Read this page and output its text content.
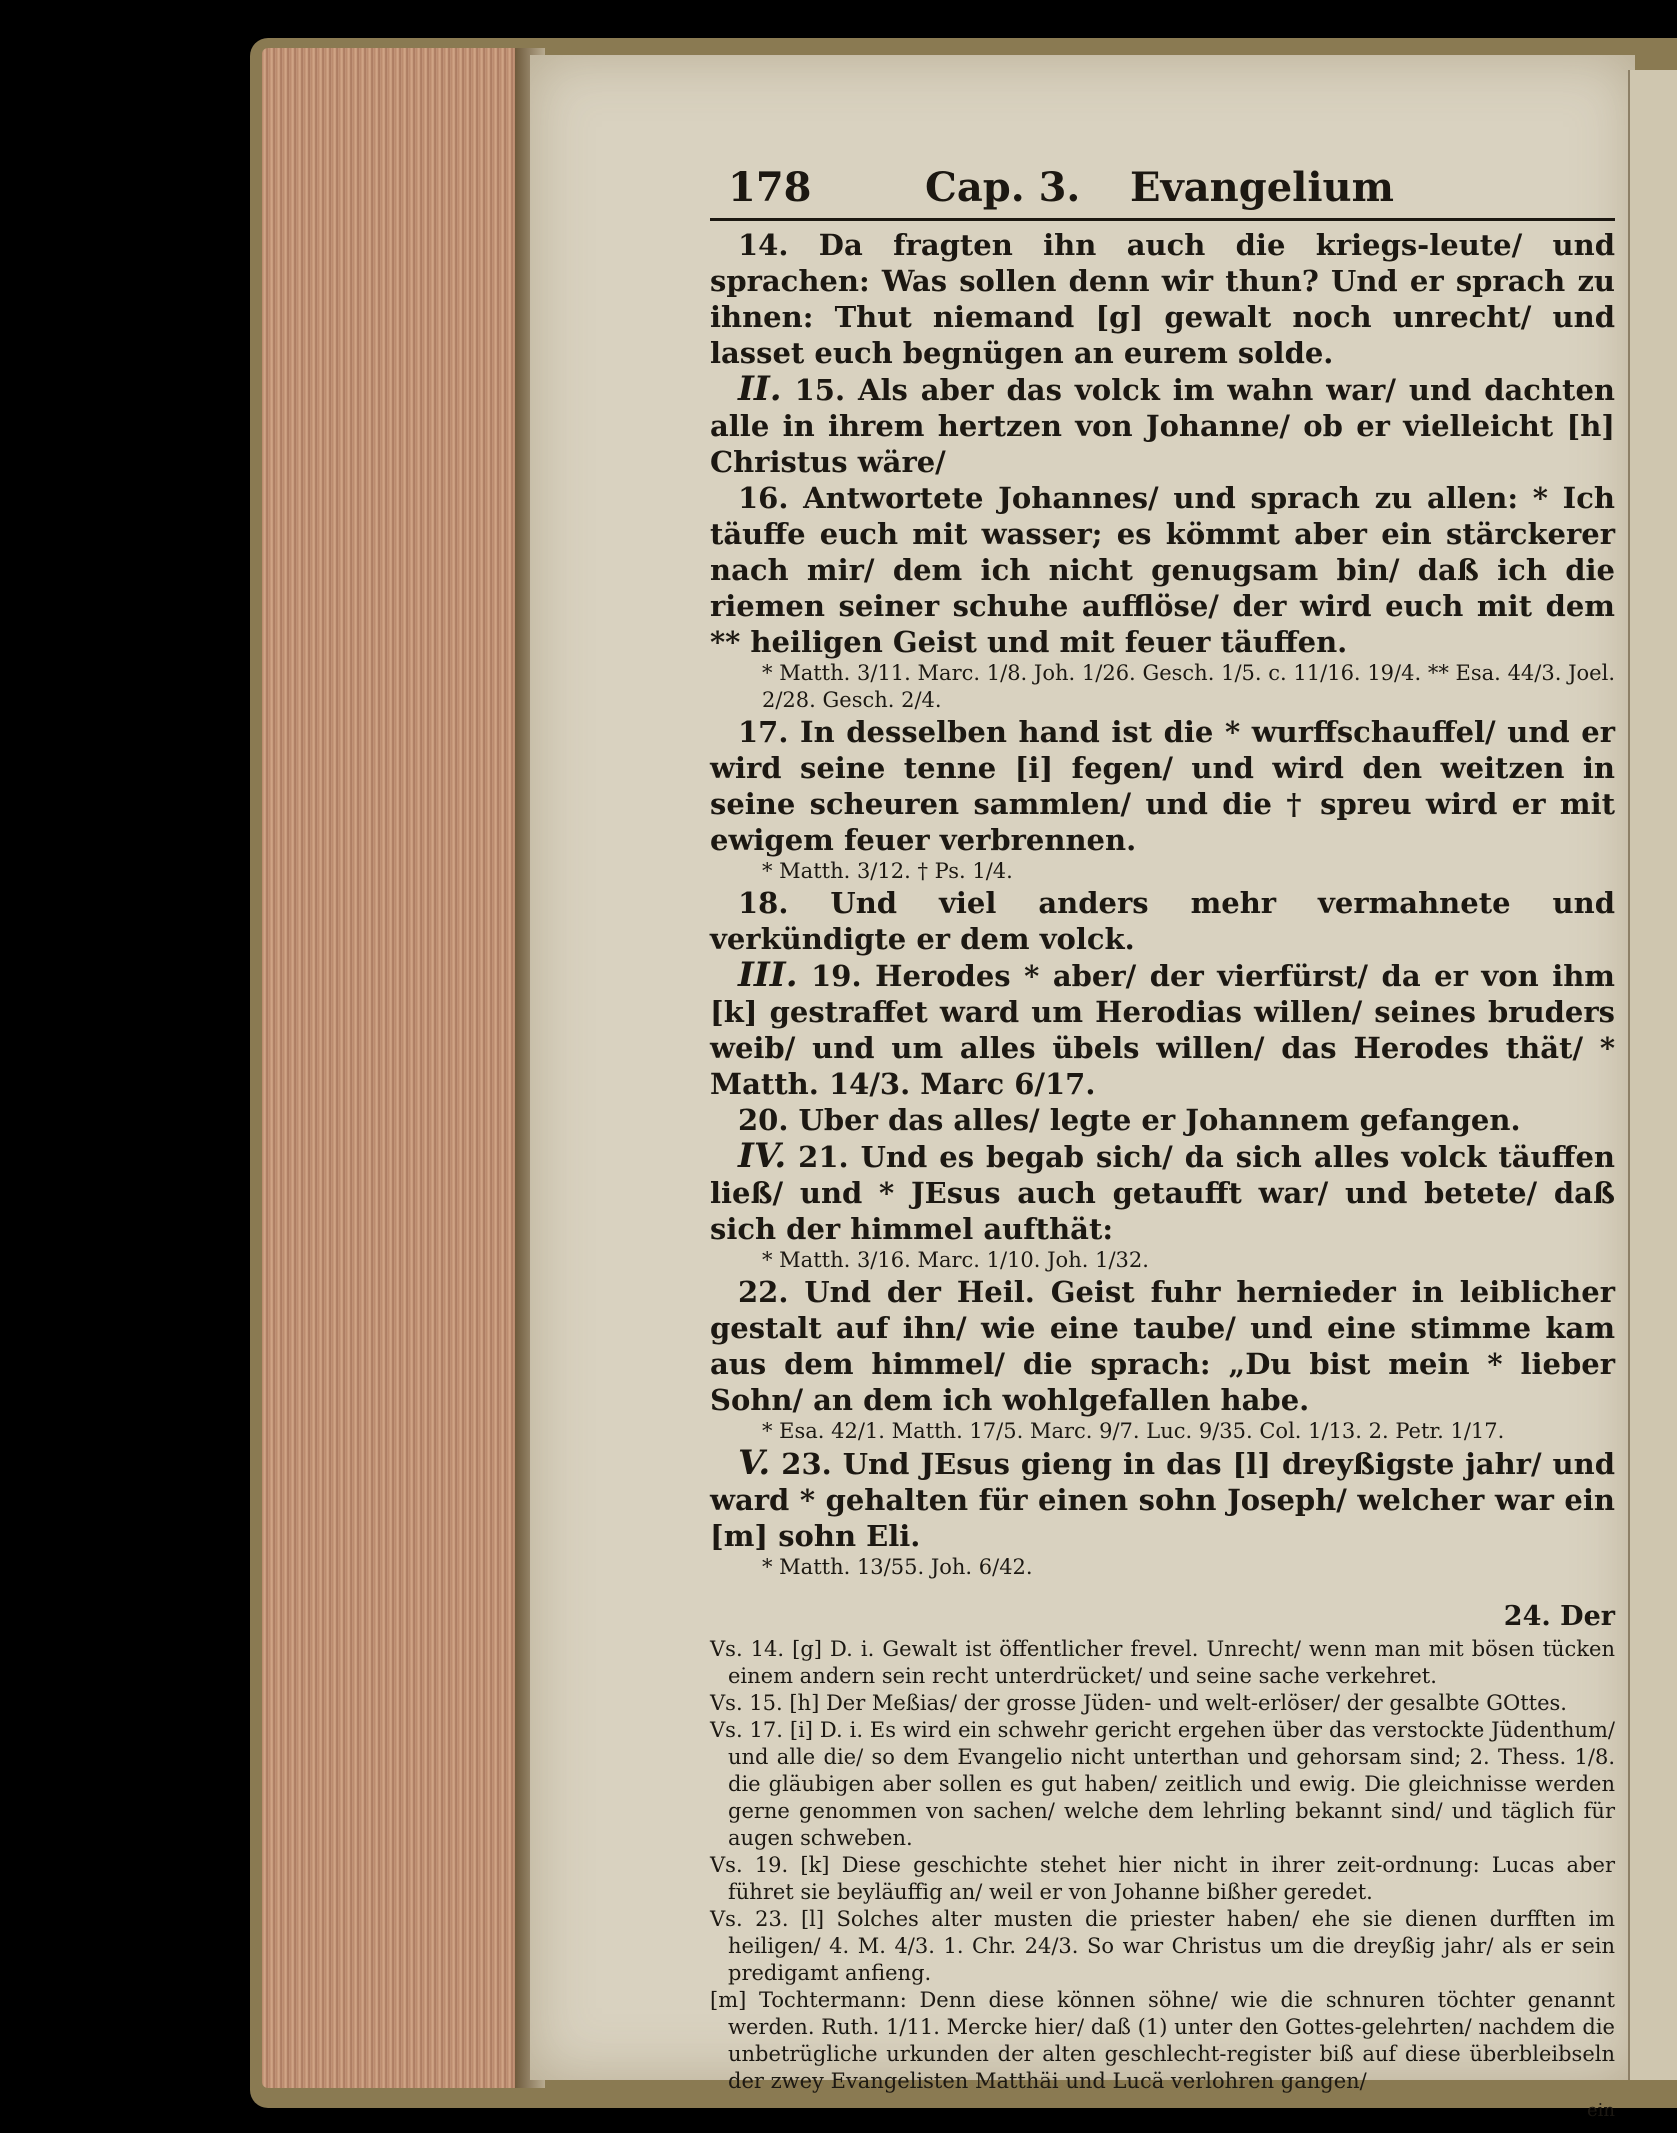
178	Cap. 3. Evangelium

14. Da fragten ihn auch die kriegs-leute/ und sprachen: Was sollen denn wir thun? Und er sprach zu ihnen: Thut niemand [g] gewalt noch unrecht/ und lasset euch begnügen an eurem solde.

II. 15. Als aber das volck im wahn war/ und dachten alle in ihrem hertzen von Johanne/ ob er vielleicht [h] Christus wäre/

16. Antwortete Johannes/ und sprach zu allen: * Ich täuffe euch mit wasser; es kömmt aber ein stärckerer nach mir/ dem ich nicht genugsam bin/ daß ich die riemen seiner schuhe aufflöse/ der wird euch mit dem ** heiligen Geist und mit feuer täuffen.

* Matth. 3/11. Marc. 1/8. Joh. 1/26. Gesch. 1/5. c. 11/16. 19/4. ** Esa. 44/3. Joel. 2/28. Gesch. 2/4.

17. In desselben hand ist die * wurffschauffel/ und er wird seine tenne [i] fegen/ und wird den weitzen in seine scheuren sammlen/ und die † spreu wird er mit ewigem feuer verbrennen.

* Matth. 3/12. † Ps. 1/4.

18. Und viel anders mehr vermahnete und verkündigte er dem volck.

III. 19. Herodes * aber/ der vierfürst/ da er von ihm [k] gestraffet ward um Herodias willen/ seines bruders weib/ und um alles übels willen/ das Herodes thät/ * Matth. 14/3. Marc 6/17.

20. Uber das alles/ legte er Johannem gefangen.

IV. 21. Und es begab sich/ da sich alles volck täuffen ließ/ und * JEsus auch getaufft war/ und betete/ daß sich der himmel aufthät:

* Matth. 3/16. Marc. 1/10. Joh. 1/32.

22. Und der Heil. Geist fuhr hernieder in leiblicher gestalt auf ihn/ wie eine taube/ und eine stimme kam aus dem himmel/ die sprach: „Du bist mein * lieber Sohn/ an dem ich wohlgefallen habe.

* Esa. 42/1. Matth. 17/5. Marc. 9/7. Luc. 9/35. Col. 1/13. 2. Petr. 1/17.

V. 23. Und JEsus gieng in das [l] dreyßigste jahr/ und ward * gehalten für einen sohn Joseph/ welcher war ein [m] sohn Eli.

* Matth. 13/55. Joh. 6/42.

24. Der

Vs. 14. [g] D. i. Gewalt ist öffentlicher frevel. Unrecht/ wenn man mit bösen tücken einem andern sein recht unterdrücket/ und seine sache verkehret.

Vs. 15. [h] Der Meßias/ der grosse Jüden- und welt-erlöser/ der gesalbte GOttes.

Vs. 17. [i] D. i. Es wird ein schwehr gericht ergehen über das verstockte Jüdenthum/ und alle die/ so dem Evangelio nicht unterthan und gehorsam sind; 2. Thess. 1/8. die gläubigen aber sollen es gut haben/ zeitlich und ewig. Die gleichnisse werden gerne genommen von sachen/ welche dem lehrling bekannt sind/ und täglich für augen schweben.

Vs. 19. [k] Diese geschichte stehet hier nicht in ihrer zeit-ordnung: Lucas aber führet sie beyläuffig an/ weil er von Johanne bißher geredet.

Vs. 23. [l] Solches alter musten die priester haben/ ehe sie dienen durfften im heiligen/ 4. M. 4/3. 1. Chr. 24/3. So war Christus um die dreyßig jahr/ als er sein predigamt anfieng.

[m] Tochtermann: Denn diese können söhne/ wie die schnuren töchter genannt werden. Ruth. 1/11. Mercke hier/ daß (1) unter den Gottes-gelehrten/ nachdem die unbetrügliche urkunden der alten geschlecht-register biß auf diese überbleibseln der zwey Evangelisten Matthäi und Lucä verlohren gangen/

ein
